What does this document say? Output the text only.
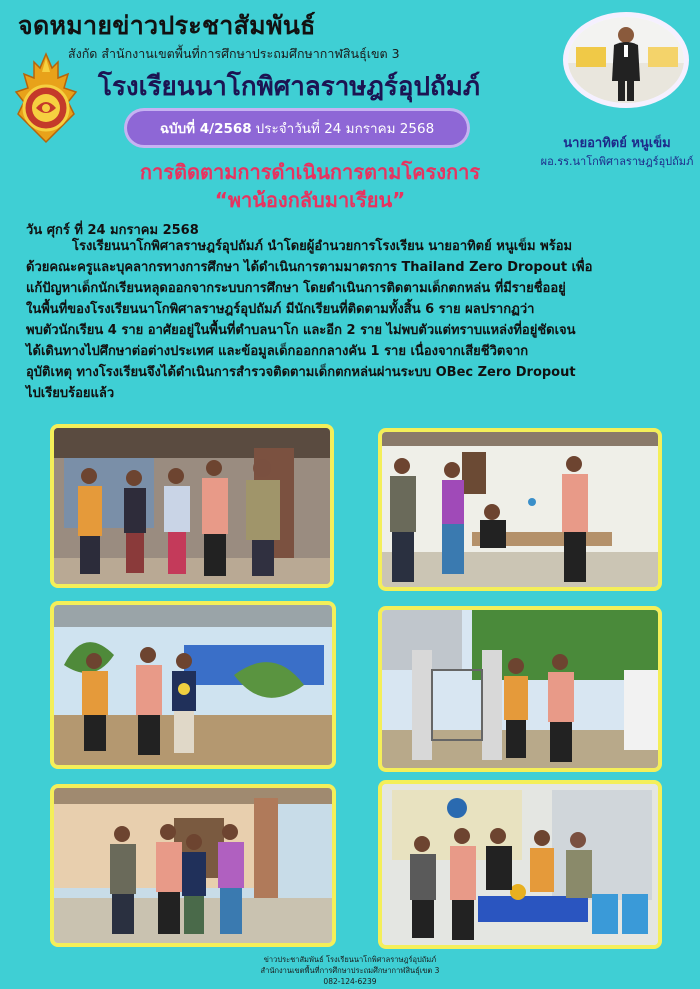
จดหมายข่าวประชาสัมพันธ์
สังกัด สำนักงานเขตพื้นที่การศึกษาประถมศึกษากาฬสินธุ์เขต 3
โรงเรียนนาโกพิศาลราษฎร์อุปถัมภ์
ฉบับที่ 4/2568 ประจำวันที่ 24 มกราคม 2568
นายอาทิตย์ หนูเข็ม
ผอ.รร.นาโกพิศาลราษฎร์อุปถัมภ์
การติดตามการดำเนินการตามโครงการ
“พาน้องกลับมาเรียน”
วัน ศุกร์ ที่ 24 มกราคม 2568
โรงเรียนนาโกพิศาลราษฎร์อุปถัมภ์ นำโดยผู้อำนวยการโรงเรียน นายอาทิตย์ หนูเข็ม พร้อม
ด้วยคณะครูและบุคลากรทางการศึกษา ได้ดำเนินการตามมาตรการ Thailand Zero Dropout เพื่อ
แก้ปัญหาเด็กนักเรียนหลุดออกจากระบบการศึกษา โดยดำเนินการติดตามเด็กตกหล่น ที่มีรายชื่ออยู่
ในพื้นที่ของโรงเรียนนาโกพิศาลราษฎร์อุปถัมภ์ มีนักเรียนที่ติดตามทั้งสิ้น 6 ราย ผลปรากฏว่า
พบตัวนักเรียน 4 ราย อาศัยอยู่ในพื้นที่ตำบลนาโก และอีก 2 ราย ไม่พบตัวแต่ทราบแหล่งที่อยู่ชัดเจน
ได้เดินทางไปศึกษาต่อต่างประเทศ และข้อมูลเด็กออกกลางคัน 1 ราย เนื่องจากเสียชีวิตจาก
อุบัติเหตุ ทางโรงเรียนจึงได้ดำเนินการสำรวจติดตามเด็กตกหล่นผ่านระบบ OBec Zero Dropout
ไปเรียบร้อยแล้ว
ข่าวประชาสัมพันธ์ โรงเรียนนาโกพิศาลราษฎร์อุปถัมภ์
สำนักงานเขตพื้นที่การศึกษาประถมศึกษากาฬสินธุ์เขต 3
082-124-6239
